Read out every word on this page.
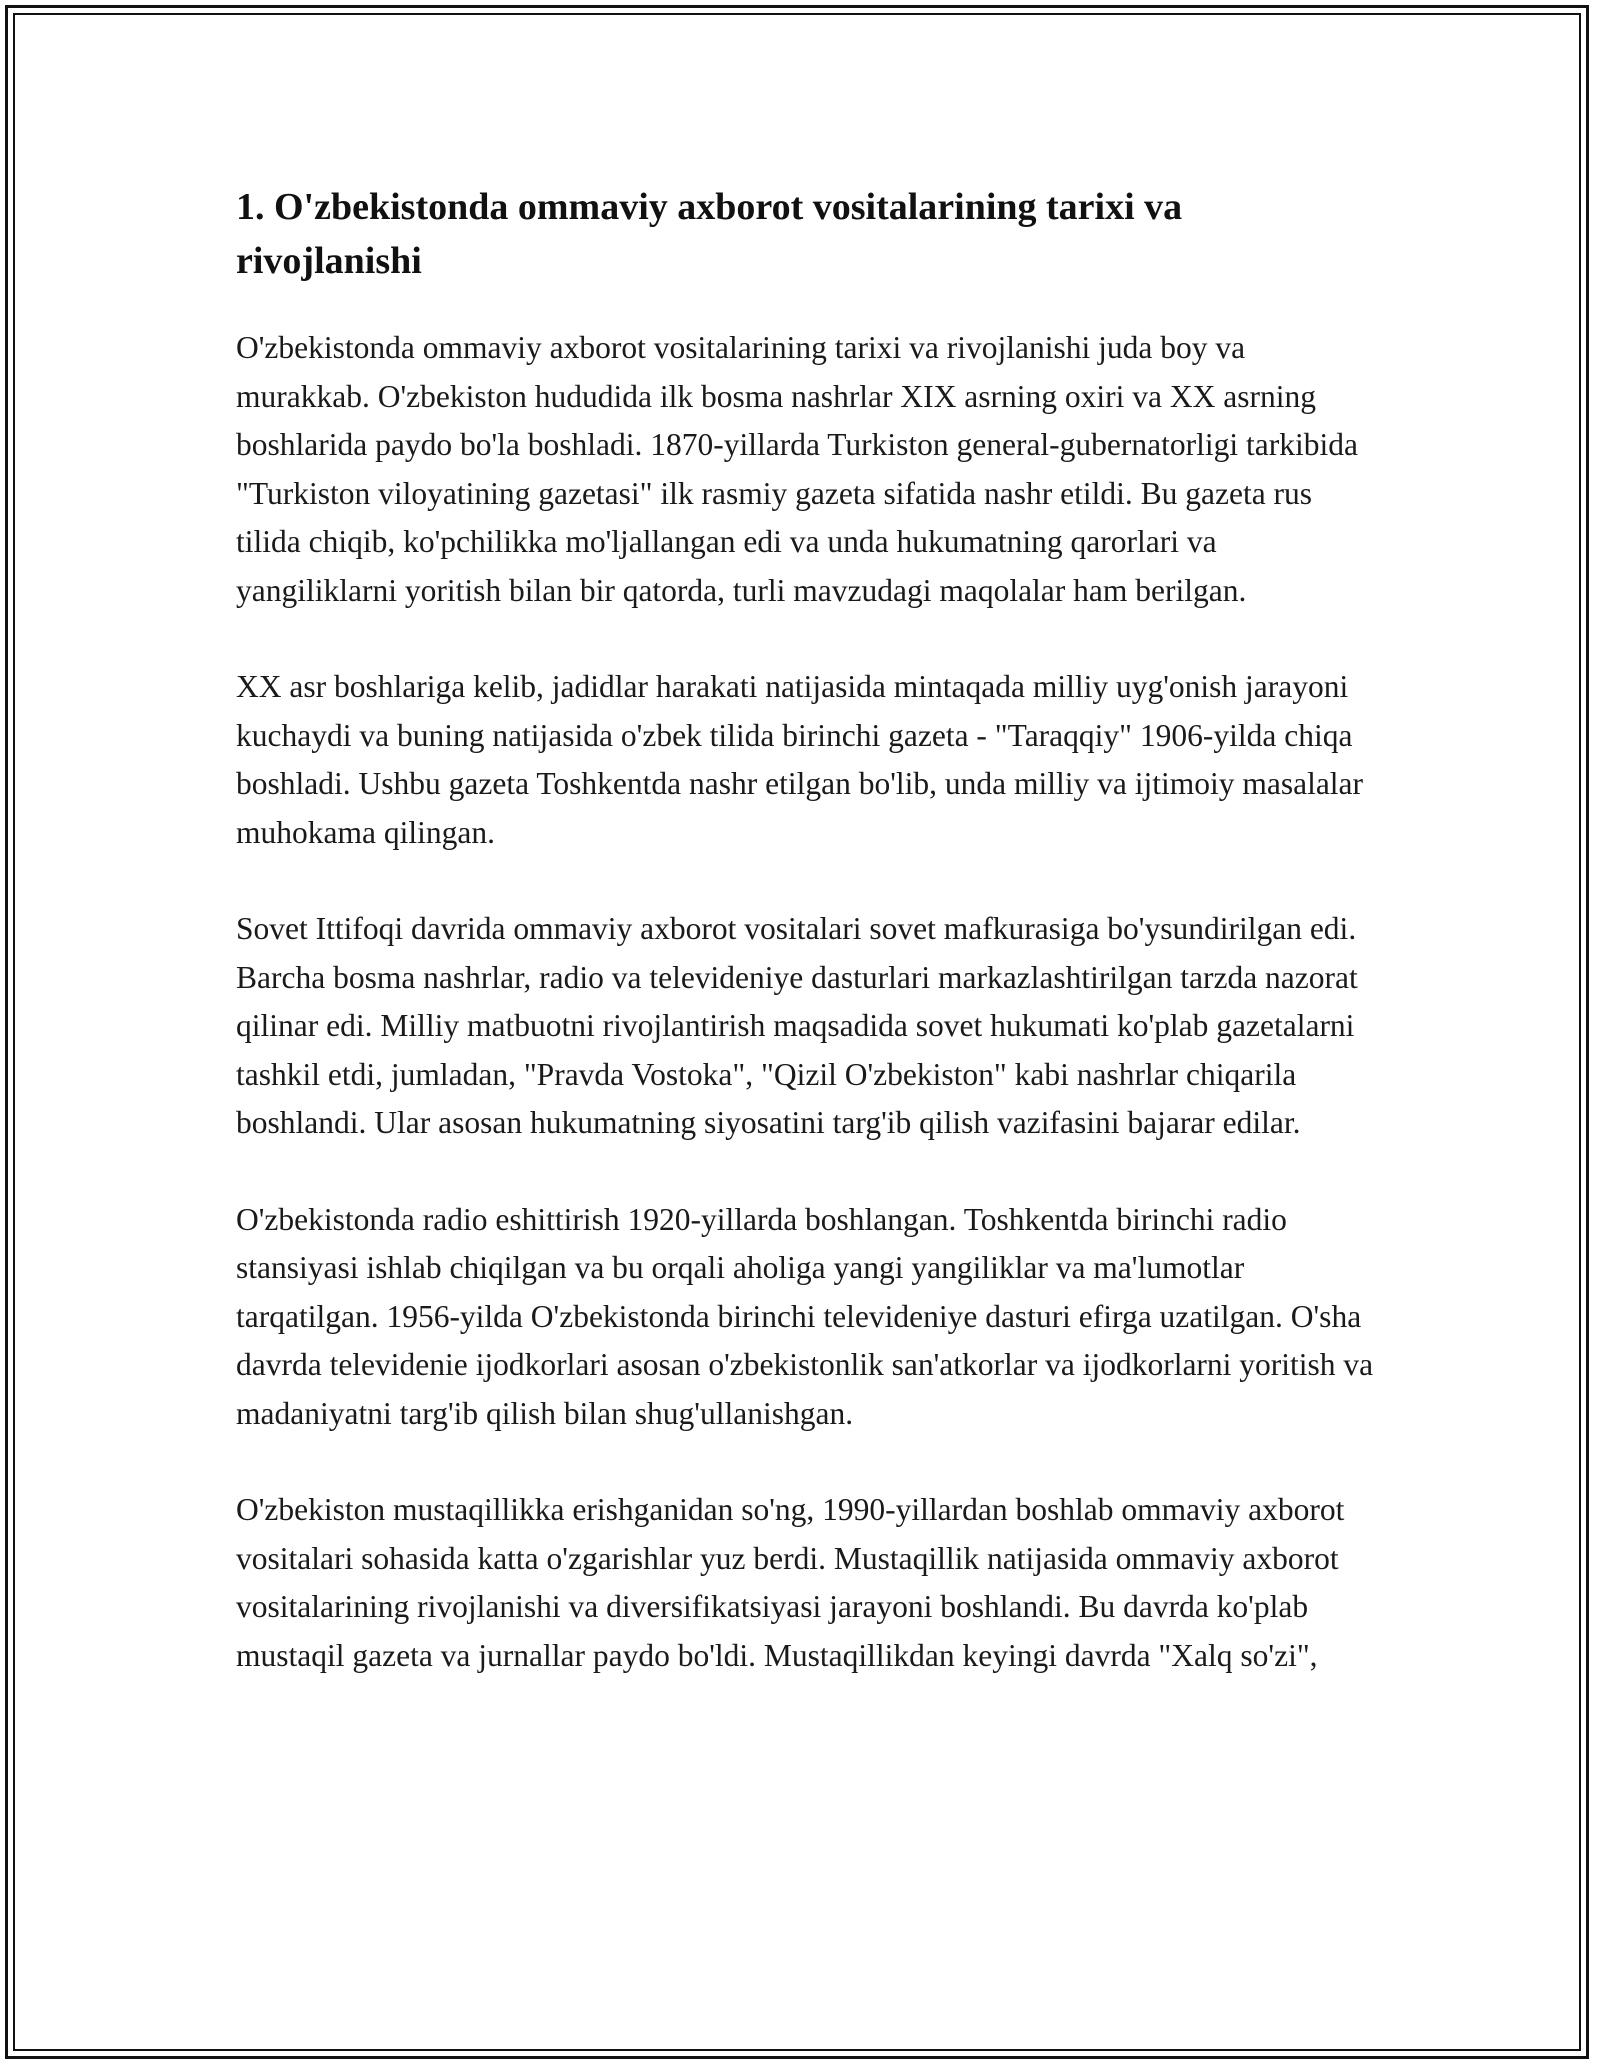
1. O'zbekistonda ommaviy axborot vositalarining tarixi va rivojlanishi

O'zbekistonda ommaviy axborot vositalarining tarixi va rivojlanishi juda boy va murakkab. O'zbekiston hududida ilk bosma nashrlar XIX asrning oxiri va XX asrning boshlarida paydo bo'la boshladi. 1870-yillarda Turkiston general-gubernatorligi tarkibida "Turkiston viloyatining gazetasi" ilk rasmiy gazeta sifatida nashr etildi. Bu gazeta rus tilida chiqib, ko'pchilikka mo'ljallangan edi va unda hukumatning qarorlari va yangiliklarni yoritish bilan bir qatorda, turli mavzudagi maqolalar ham berilgan.

XX asr boshlariga kelib, jadidlar harakati natijasida mintaqada milliy uyg'onish jarayoni kuchaydi va buning natijasida o'zbek tilida birinchi gazeta - "Taraqqiy" 1906-yilda chiqa boshladi. Ushbu gazeta Toshkentda nashr etilgan bo'lib, unda milliy va ijtimoiy masalalar muhokama qilingan.

Sovet Ittifoqi davrida ommaviy axborot vositalari sovet mafkurasiga bo'ysundirilgan edi. Barcha bosma nashrlar, radio va televideniye dasturlari markazlashtirilgan tarzda nazorat qilinar edi. Milliy matbuotni rivojlantirish maqsadida sovet hukumati ko'plab gazetalarni tashkil etdi, jumladan, "Pravda Vostoka", "Qizil O'zbekiston" kabi nashrlar chiqarila boshlandi. Ular asosan hukumatning siyosatini targ'ib qilish vazifasini bajarar edilar.

O'zbekistonda radio eshittirish 1920-yillarda boshlangan. Toshkentda birinchi radio stansiyasi ishlab chiqilgan va bu orqali aholiga yangi yangiliklar va ma'lumotlar tarqatilgan. 1956-yilda O'zbekistonda birinchi televideniye dasturi efirga uzatilgan. O'sha davrda televidenie ijodkorlari asosan o'zbekistonlik san'atkorlar va ijodkorlarni yoritish va madaniyatni targ'ib qilish bilan shug'ullanishgan.

O'zbekiston mustaqillikka erishganidan so'ng, 1990-yillardan boshlab ommaviy axborot vositalari sohasida katta o'zgarishlar yuz berdi. Mustaqillik natijasida ommaviy axborot vositalarining rivojlanishi va diversifikatsiyasi jarayoni boshlandi. Bu davrda ko'plab mustaqil gazeta va jurnallar paydo bo'ldi. Mustaqillikdan keyingi davrda "Xalq so'zi",
